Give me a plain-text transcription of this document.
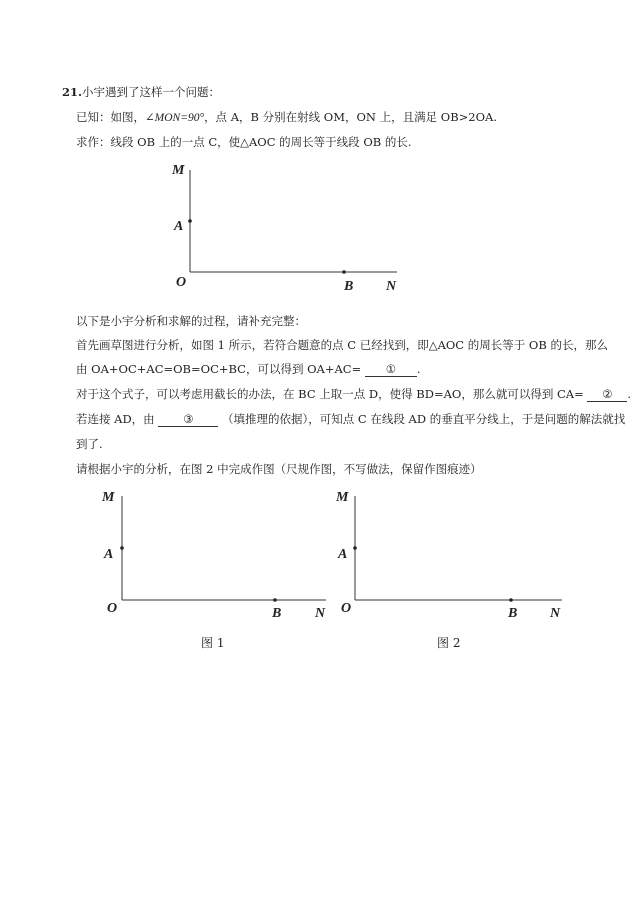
21.小宇遇到了这样一个问题：
已知：如图，∠MON=90°，点 A，B 分别在射线 OM，ON 上，且满足 OB>2OA.
求作：线段 OB 上的一点 C，使△AOC 的周长等于线段 OB 的长.
M
A
O	B N
以下是小宇分析和求解的过程，请补充完整：
首先画草图进行分析，如图 1 所示，若符合题意的点 C 已经找到，即△AOC 的周长等于 OB 的长，那么
由 OA+OC+AC=OB=OC+BC，可以得到 OA+AC= ① .
对于这个式子，可以考虑用截长的办法，在 BC 上取一点 D，使得 BD=AO，那么就可以得到 CA= ② .
若连接 AD，由 ③ （填推理的依据），可知点 C 在线段 AD 的垂直平分线上，于是问题的解法就找
到了.
请根据小宇的分析，在图 2 中完成作图（尺规作图，不写做法，保留作图痕迹）
M
A
O	B N
图 1
M
A
O	B N
图 2
